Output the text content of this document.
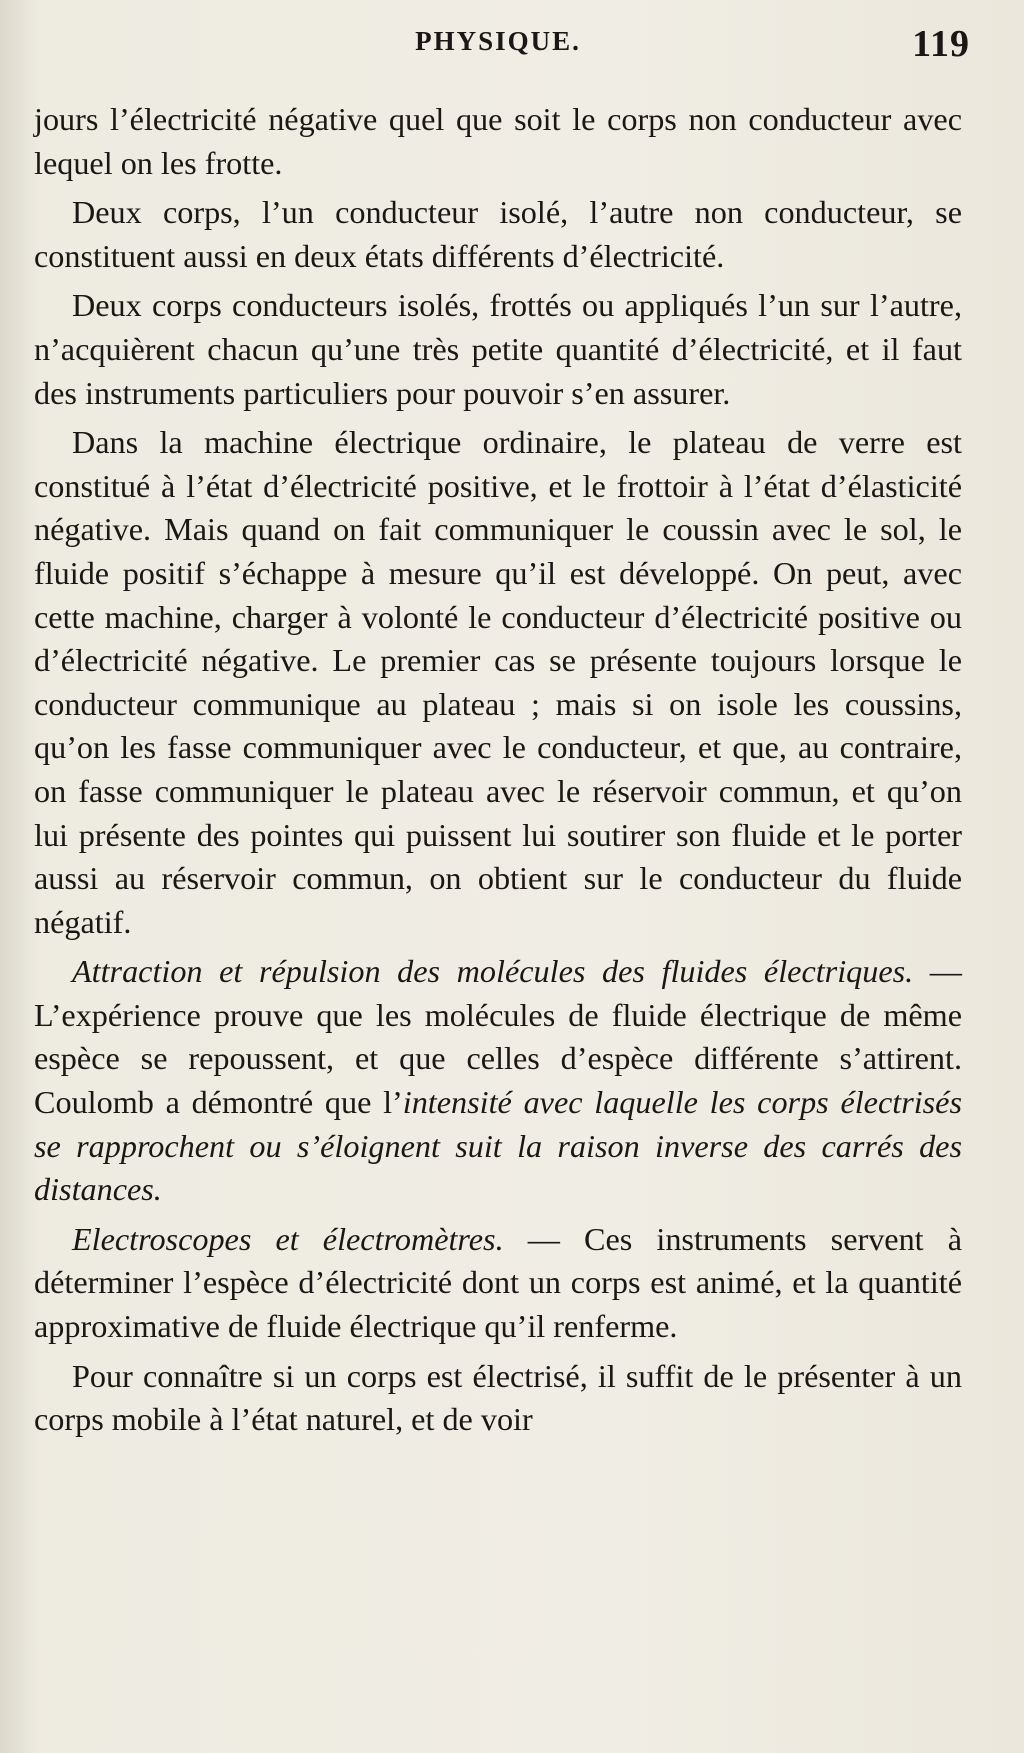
PHYSIQUE.	119

jours l’électricité négative quel que soit le corps non conducteur avec lequel on les frotte.

Deux corps, l’un conducteur isolé, l’autre non conducteur, se constituent aussi en deux états différents d’électricité.

Deux corps conducteurs isolés, frottés ou appliqués l’un sur l’autre, n’acquièrent chacun qu’une très petite quantité d’électricité, et il faut des instruments particuliers pour pouvoir s’en assurer.

Dans la machine électrique ordinaire, le plateau de verre est constitué à l’état d’électricité positive, et le frottoir à l’état d’élasticité négative. Mais quand on fait communiquer le coussin avec le sol, le fluide positif s’échappe à mesure qu’il est développé. On peut, avec cette machine, charger à volonté le conducteur d’électricité positive ou d’électricité négative. Le premier cas se présente toujours lorsque le conducteur communique au plateau ; mais si on isole les coussins, qu’on les fasse communiquer avec le conducteur, et que, au contraire, on fasse communiquer le plateau avec le réservoir commun, et qu’on lui présente des pointes qui puissent lui soutirer son fluide et le porter aussi au réservoir commun, on obtient sur le conducteur du fluide négatif.

Attraction et répulsion des molécules des fluides électriques. — L’expérience prouve que les molécules de fluide électrique de même espèce se repoussent, et que celles d’espèce différente s’attirent. Coulomb a démontré que l’intensité avec laquelle les corps électrisés se rapprochent ou s’éloignent suit la raison inverse des carrés des distances.

Electroscopes et électromètres. — Ces instruments servent à déterminer l’espèce d’électricité dont un corps est animé, et la quantité approximative de fluide électrique qu’il renferme.

Pour connaître si un corps est électrisé, il suffit de le présenter à un corps mobile à l’état naturel, et de voir
